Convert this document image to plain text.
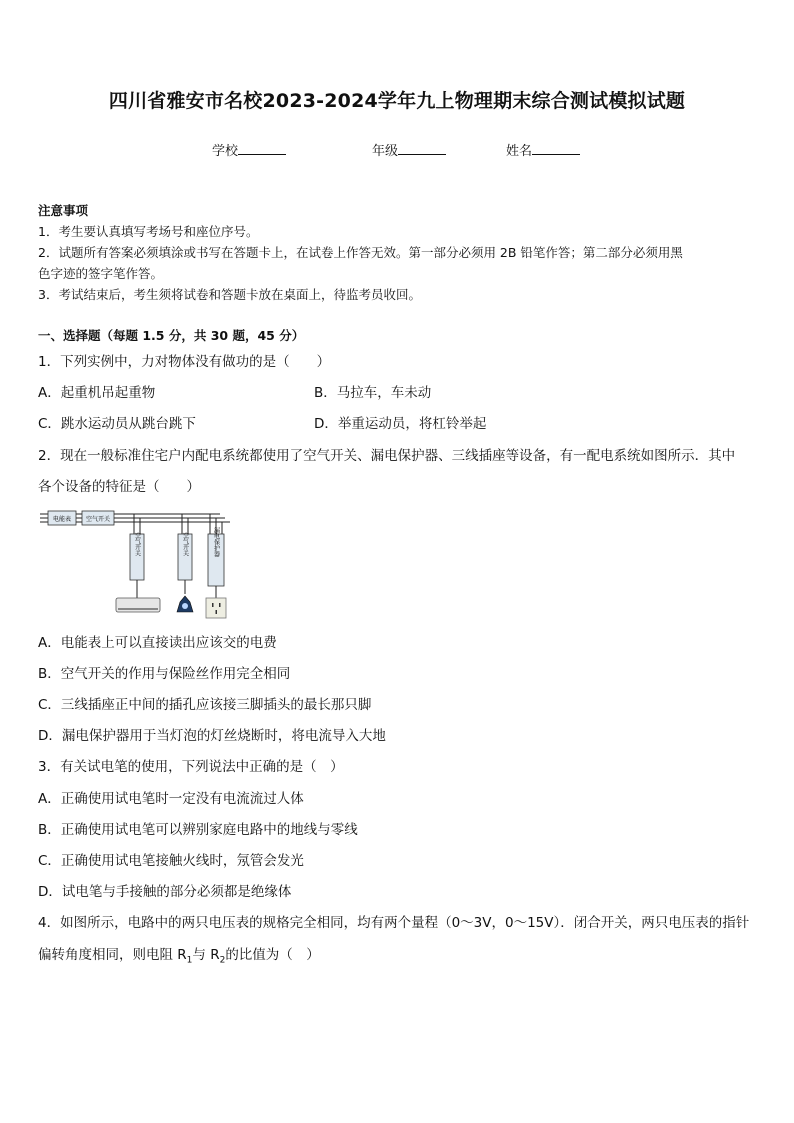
四川省雅安市名校2023-2024学年九上物理期末综合测试模拟试题
学校	年级	姓名
注意事项
1．考生要认真填写考场号和座位序号。
2．试题所有答案必须填涂或书写在答题卡上，在试卷上作答无效。第一部分必须用 2B 铅笔作答；第二部分必须用黑
色字迹的签字笔作答。
3．考试结束后，考生须将试卷和答题卡放在桌面上，待监考员收回。
一、选择题（每题 1.5 分，共 30 题，45 分）
1．下列实例中，力对物体没有做功的是（　　）
A．起重机吊起重物	B．马拉车，车未动
C．跳水运动员从跳台跳下	D．举重运动员，将杠铃举起
2．现在一般标准住宅户内配电系统都使用了空气开关、漏电保护器、三线插座等设备，有一配电系统如图所示．其中
各个设备的特征是（　　）
电能表 空气开关
空气开关	空气开关	漏电保护器
A．电能表上可以直接读出应该交的电费
B．空气开关的作用与保险丝作用完全相同
C．三线插座正中间的插孔应该接三脚插头的最长那只脚
D．漏电保护器用于当灯泡的灯丝烧断时，将电流导入大地
3．有关试电笔的使用，下列说法中正确的是（　）
A．正确使用试电笔时一定没有电流流过人体
B．正确使用试电笔可以辨别家庭电路中的地线与零线
C．正确使用试电笔接触火线时，氖管会发光
D．试电笔与手接触的部分必须都是绝缘体
4．如图所示，电路中的两只电压表的规格完全相同，均有两个量程（0～3V，0～15V）．闭合开关，两只电压表的指针
偏转角度相同，则电阻 $R_1$与 $R_2$的比值为（　）
